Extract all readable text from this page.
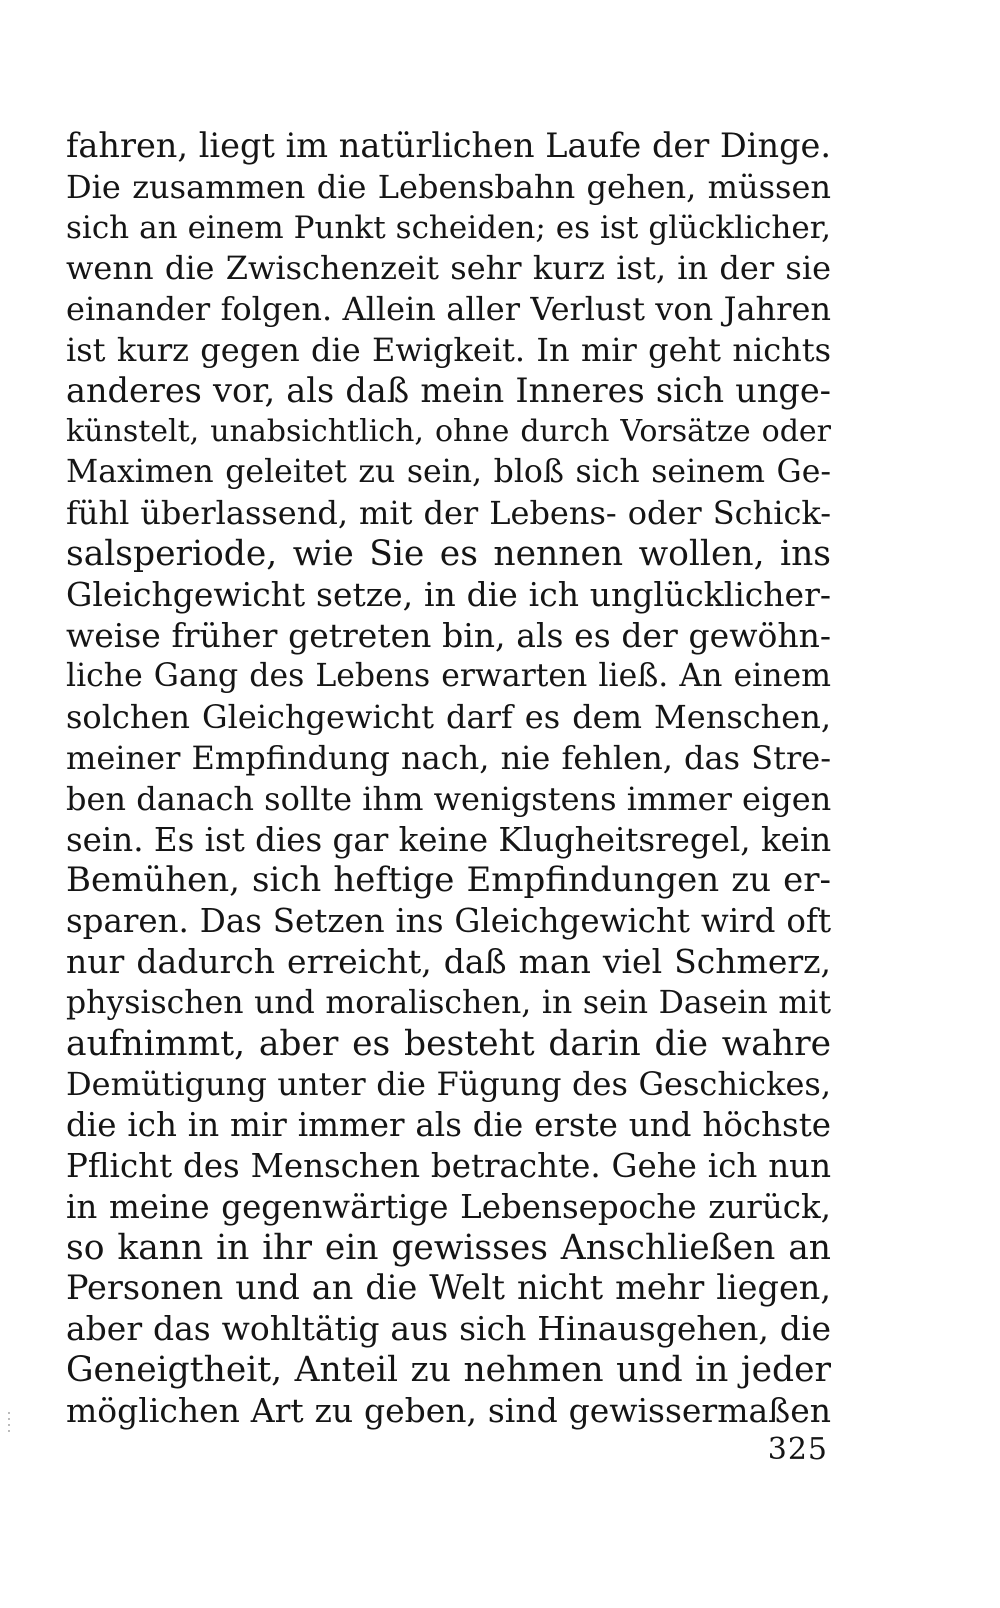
fahren, liegt im natürlichen Laufe der Dinge.
Die zusammen die Lebensbahn gehen, müssen
sich an einem Punkt scheiden; es ist glücklicher,
wenn die Zwischenzeit sehr kurz ist, in der sie
einander folgen. Allein aller Verlust von Jahren
ist kurz gegen die Ewigkeit. In mir geht nichts
anderes vor, als daß mein Inneres sich unge-
künstelt, unabsichtlich, ohne durch Vorsätze oder
Maximen geleitet zu sein, bloß sich seinem Ge-
fühl überlassend, mit der Lebens- oder Schick-
salsperiode, wie Sie es nennen wollen, ins
Gleichgewicht setze, in die ich unglücklicher-
weise früher getreten bin, als es der gewöhn-
liche Gang des Lebens erwarten ließ. An einem
solchen Gleichgewicht darf es dem Menschen,
meiner Empfindung nach, nie fehlen, das Stre-
ben danach sollte ihm wenigstens immer eigen
sein. Es ist dies gar keine Klugheitsregel, kein
Bemühen, sich heftige Empfindungen zu er-
sparen. Das Setzen ins Gleichgewicht wird oft
nur dadurch erreicht, daß man viel Schmerz,
physischen und moralischen, in sein Dasein mit
aufnimmt, aber es besteht darin die wahre
Demütigung unter die Fügung des Geschickes,
die ich in mir immer als die erste und höchste
Pflicht des Menschen betrachte. Gehe ich nun
in meine gegenwärtige Lebensepoche zurück,
so kann in ihr ein gewisses Anschließen an
Personen und an die Welt nicht mehr liegen,
aber das wohltätig aus sich Hinausgehen, die
Geneigtheit, Anteil zu nehmen und in jeder
möglichen Art zu geben, sind gewissermaßen
325
